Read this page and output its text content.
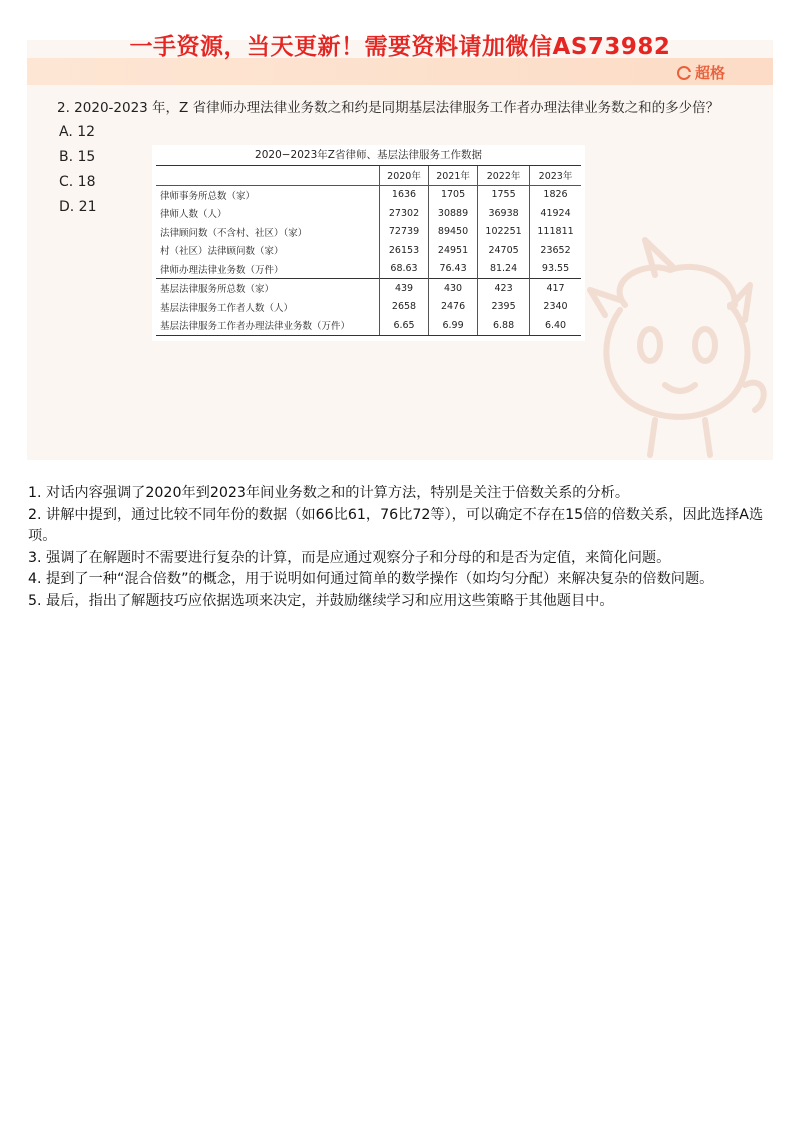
超格
一手资源，当天更新！需要资料请加微信AS73982
2. 2020-2023 年，Z 省律师办理法律业务数之和约是同期基层法律服务工作者办理法律业务数之和的多少倍？
A. 12
B. 15
C. 18
D. 21
2020−2023年Z省律师、基层法律服务工作数据
	2020年	2021年	2022年	2023年
律师事务所总数（家）	1636	1705	1755	1826
律师人数（人）	27302	30889	36938	41924
法律顾问数（不含村、社区）（家）	72739	89450	102251	111811
村（社区）法律顾问数（家）	26153	24951	24705	23652
律师办理法律业务数（万件）	68.63	76.43	81.24	93.55
基层法律服务所总数（家）	439	430	423	417
基层法律服务工作者人数（人）	2658	2476	2395	2340
基层法律服务工作者办理法律业务数（万件）	6.65	6.99	6.88	6.40

1. 对话内容强调了2020年到2023年间业务数之和的计算方法，特别是关注于倍数关系的分析。

2. 讲解中提到，通过比较不同年份的数据（如66比61，76比72等），可以确定不存在15倍的倍数关系，因此选择A选项。

3. 强调了在解题时不需要进行复杂的计算，而是应通过观察分子和分母的和是否为定值，来简化问题。

4. 提到了一种“混合倍数”的概念，用于说明如何通过简单的数学操作（如均匀分配）来解决复杂的倍数问题。

5. 最后，指出了解题技巧应依据选项来决定，并鼓励继续学习和应用这些策略于其他题目中。
